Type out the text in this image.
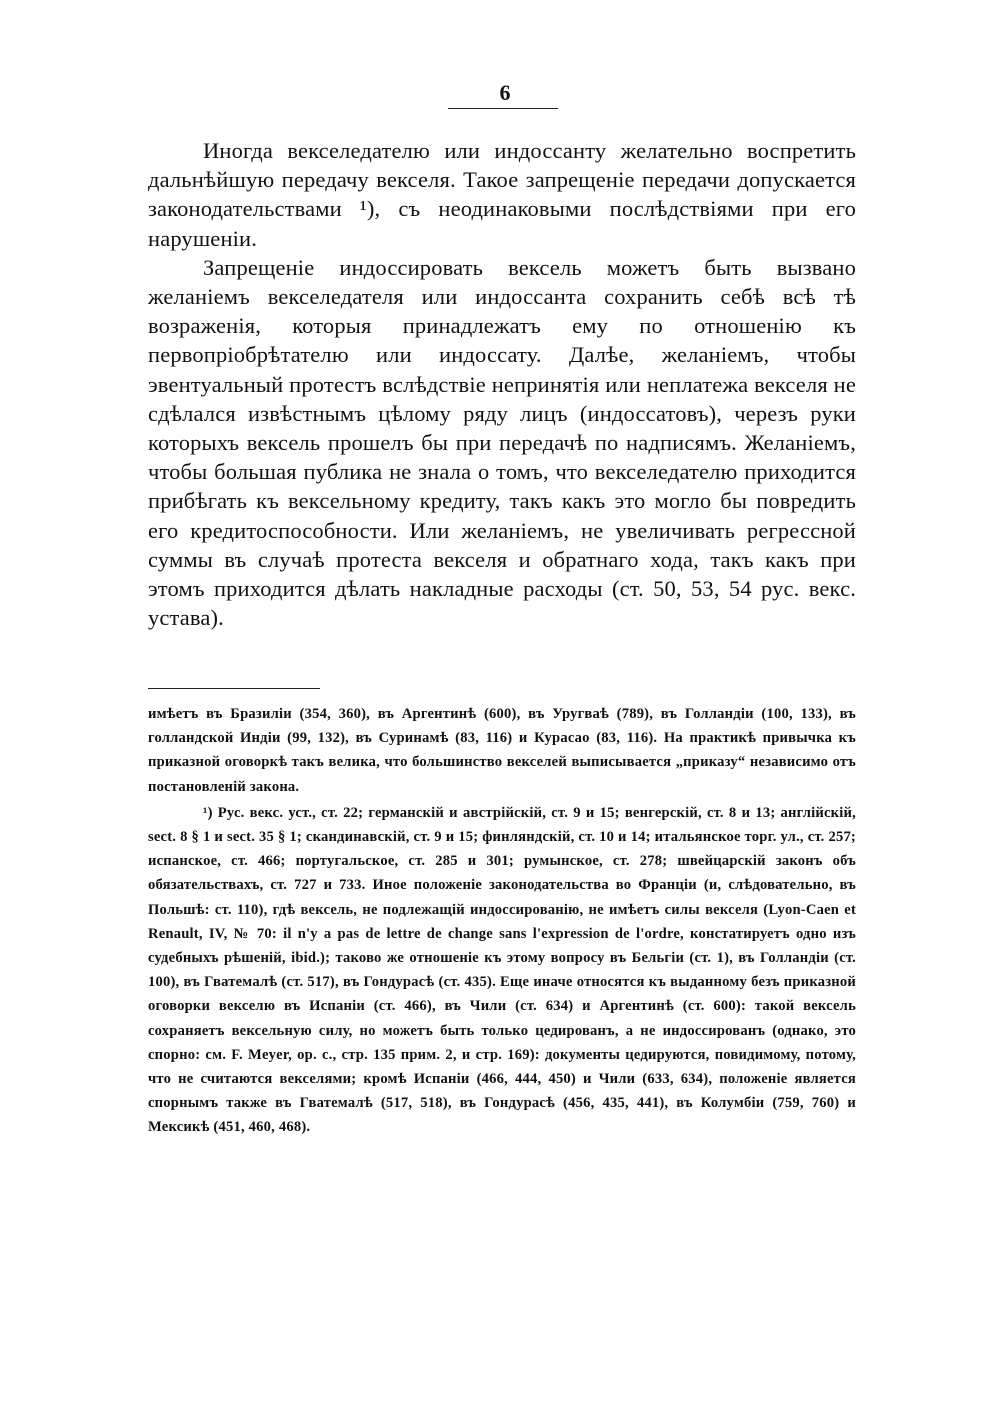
6

Иногда векселедателю или индоссанту желательно воспретить дальнѣйшую передачу векселя. Такое запрещеніе передачи допускается законодательствами ¹), съ неодинаковыми послѣдствіями при его нарушеніи.

Запрещеніе индоссировать вексель можетъ быть вызвано желаніемъ векселедателя или индоссанта сохранить себѣ всѣ тѣ возраженія, которыя принадлежатъ ему по отношенію къ первопріобрѣтателю или индоссату. Далѣе, желаніемъ, чтобы эвентуальный протестъ вслѣдствіе непринятія или неплатежа векселя не сдѣлался извѣстнымъ цѣлому ряду лицъ (индоссатовъ), черезъ руки которыхъ вексель прошелъ бы при передачѣ по надписямъ. Желаніемъ, чтобы большая публика не знала о томъ, что векселедателю приходится прибѣгать къ вексельному кредиту, такъ какъ это могло бы повредить его кредитоспособности. Или желаніемъ, не увеличивать регрессной суммы въ случаѣ протеста векселя и обратнаго хода, такъ какъ при этомъ приходится дѣлать накладные расходы (ст. 50, 53, 54 рус. векс. устава).

имѣетъ въ Бразиліи (354, 360), въ Аргентинѣ (600), въ Уругваѣ (789), въ Голландіи (100, 133), въ голландской Индіи (99, 132), въ Суринамѣ (83, 116) и Курасао (83, 116). На практикѣ привычка къ приказной оговоркѣ такъ велика, что большинство векселей выписывается „приказу“ независимо отъ постановленій закона.

¹) Рус. векс. уст., ст. 22; германскій и австрійскій, ст. 9 и 15; венгерскій, ст. 8 и 13; англійскій, sect. 8 § 1 и sect. 35 § 1; скандинавскій, ст. 9 и 15; финляндскій, ст. 10 и 14; итальянское торг. ул., ст. 257; испанское, ст. 466; португальское, ст. 285 и 301; румынское, ст. 278; швейцарскій законъ объ обязательствахъ, ст. 727 и 733. Иное положеніе законодательства во Франціи (и, слѣдовательно, въ Польшѣ: ст. 110), гдѣ вексель, не подлежащій индоссированію, не имѣетъ силы векселя (Lyon-Caen et Renault, IV, № 70: il n'y a pas de lettre de change sans l'expression de l'ordre, констатируетъ одно изъ судебныхъ рѣшеній, ibid.); таково же отношеніе къ этому вопросу въ Бельгіи (ст. 1), въ Голландіи (ст. 100), въ Гватемалѣ (ст. 517), въ Гондурасѣ (ст. 435). Еще иначе относятся къ выданному безъ приказной оговорки векселю въ Испаніи (ст. 466), въ Чили (ст. 634) и Аргентинѣ (ст. 600): такой вексель сохраняетъ вексельную силу, но можетъ быть только цедированъ, а не индоссированъ (однако, это спорно: см. F. Meyer, op. c., стр. 135 прим. 2, и стр. 169): документы цедируются, повидимому, потому, что не считаются векселями; кромѣ Испаніи (466, 444, 450) и Чили (633, 634), положеніе является спорнымъ также въ Гватемалѣ (517, 518), въ Гондурасѣ (456, 435, 441), въ Колумбіи (759, 760) и Мексикѣ (451, 460, 468).
